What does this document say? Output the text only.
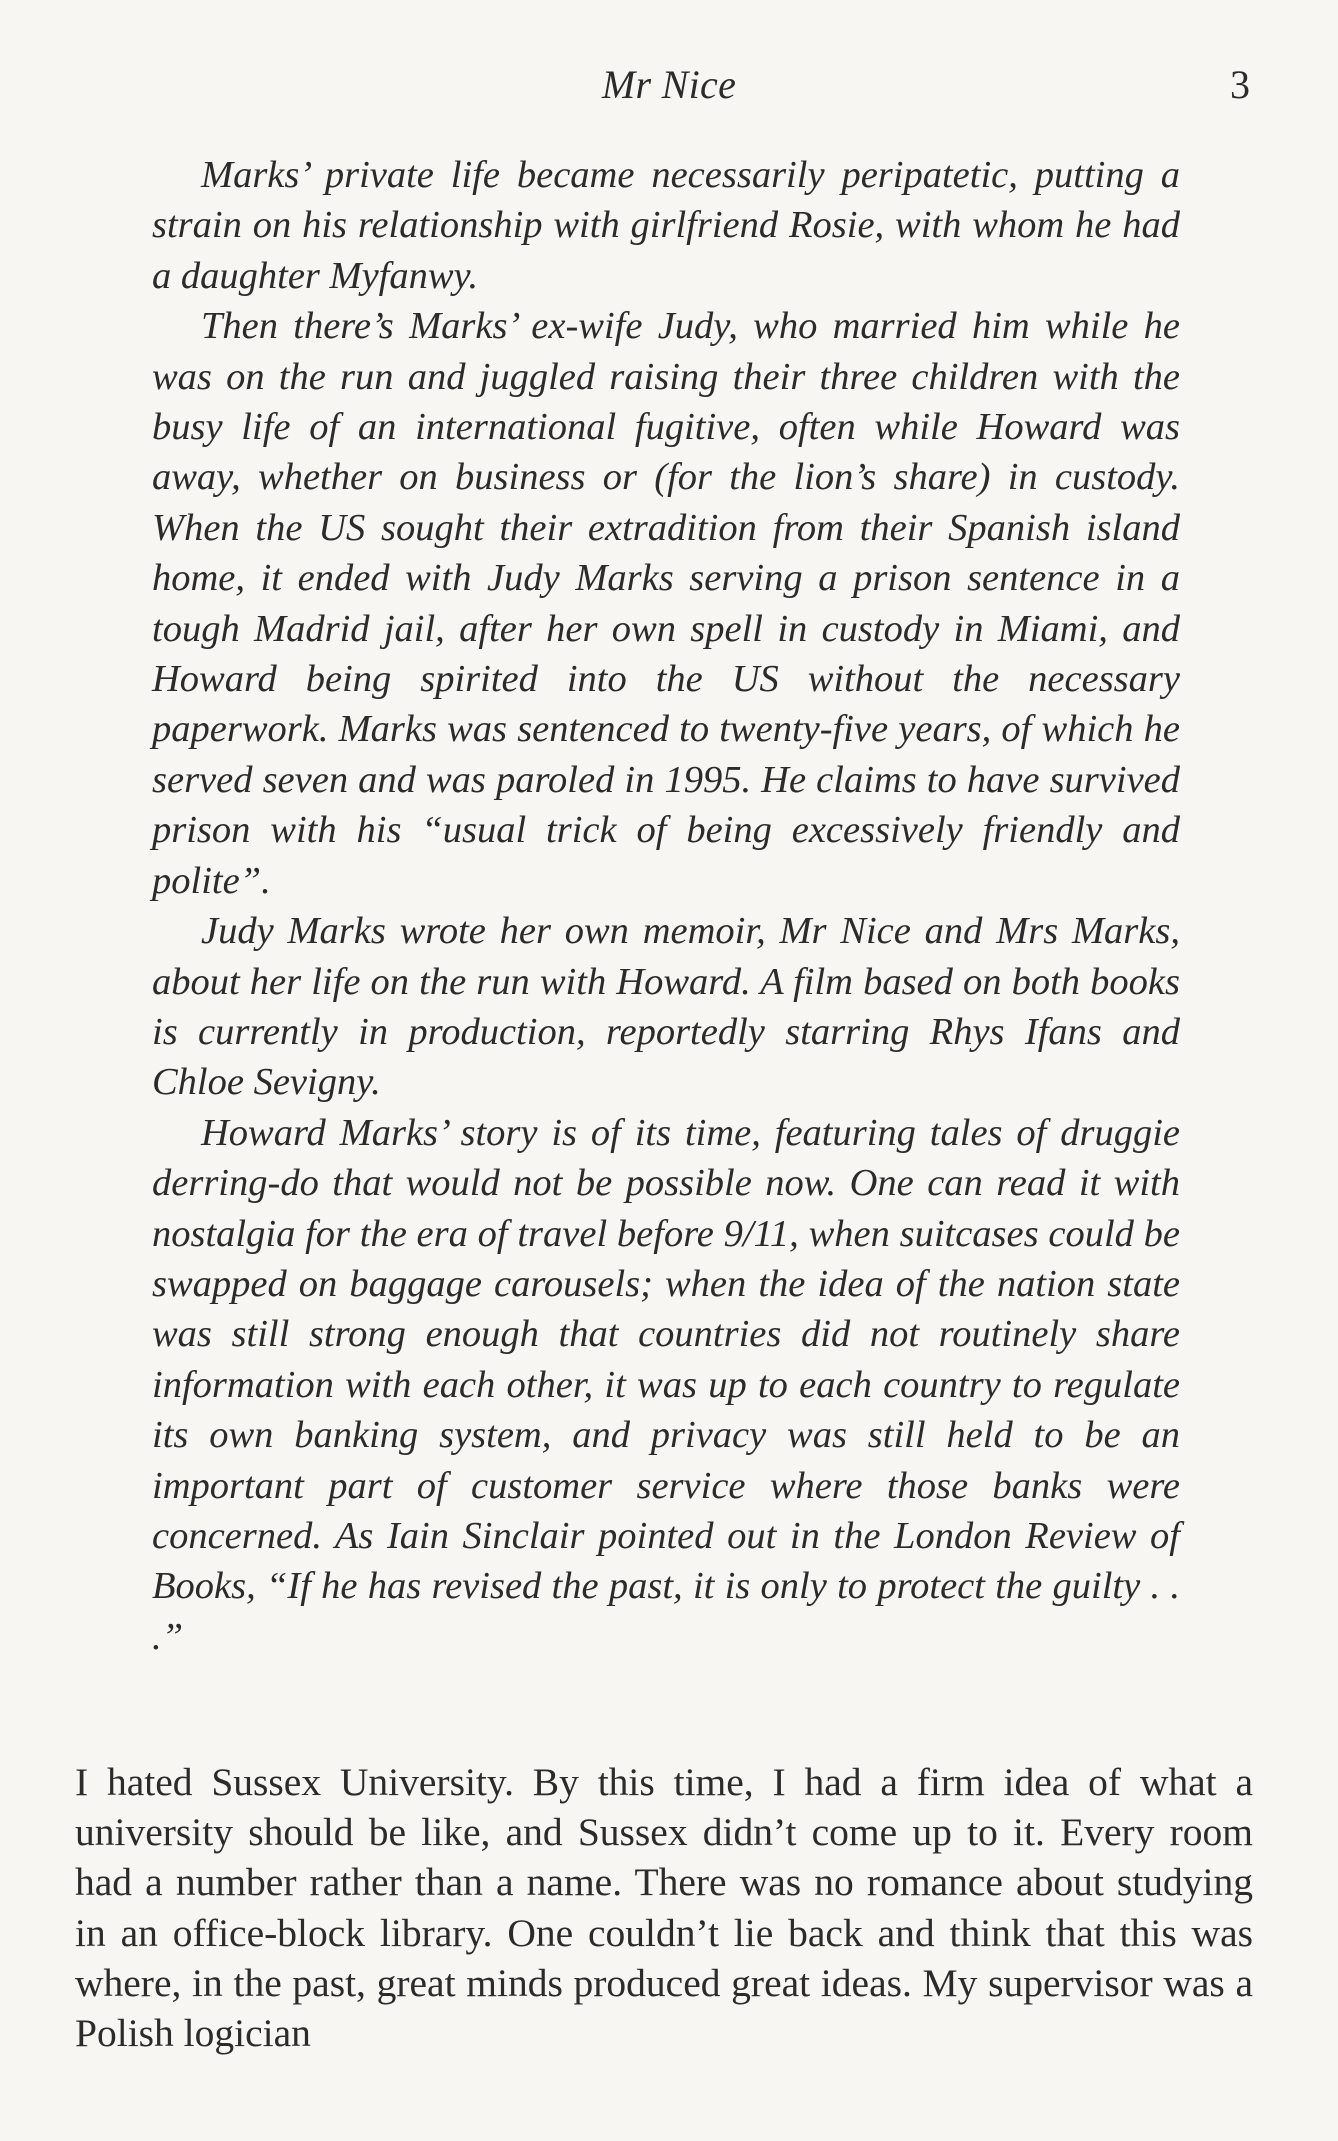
Mr Nice	3

Marks’ private life became necessarily peripatetic, putting a strain on his relationship with girlfriend Rosie, with whom he had a daughter Myfanwy.

Then there’s Marks’ ex-wife Judy, who married him while he was on the run and juggled raising their three children with the busy life of an international fugitive, often while Howard was away, whether on business or (for the lion’s share) in custody. When the US sought their extradition from their Spanish island home, it ended with Judy Marks serving a prison sentence in a tough Madrid jail, after her own spell in custody in Miami, and Howard being spirited into the US without the necessary paperwork. Marks was sentenced to twenty-five years, of which he served seven and was paroled in 1995. He claims to have survived prison with his “usual trick of being excessively friendly and polite”.

Judy Marks wrote her own memoir, Mr Nice and Mrs Marks, about her life on the run with Howard. A film based on both books is currently in production, reportedly starring Rhys Ifans and Chloe Sevigny.

Howard Marks’ story is of its time, featuring tales of druggie derring-do that would not be possible now. One can read it with nostalgia for the era of travel before 9/11, when suitcases could be swapped on baggage carousels; when the idea of the nation state was still strong enough that countries did not routinely share information with each other, it was up to each country to regulate its own banking system, and privacy was still held to be an important part of customer service where those banks were concerned. As Iain Sinclair pointed out in the London Review of Books, “If he has revised the past, it is only to protect the guilty . . .”

I hated Sussex University. By this time, I had a firm idea of what a university should be like, and Sussex didn’t come up to it. Every room had a number rather than a name. There was no romance about studying in an office-block library. One couldn’t lie back and think that this was where, in the past, great minds produced great ideas. My supervisor was a Polish logician
